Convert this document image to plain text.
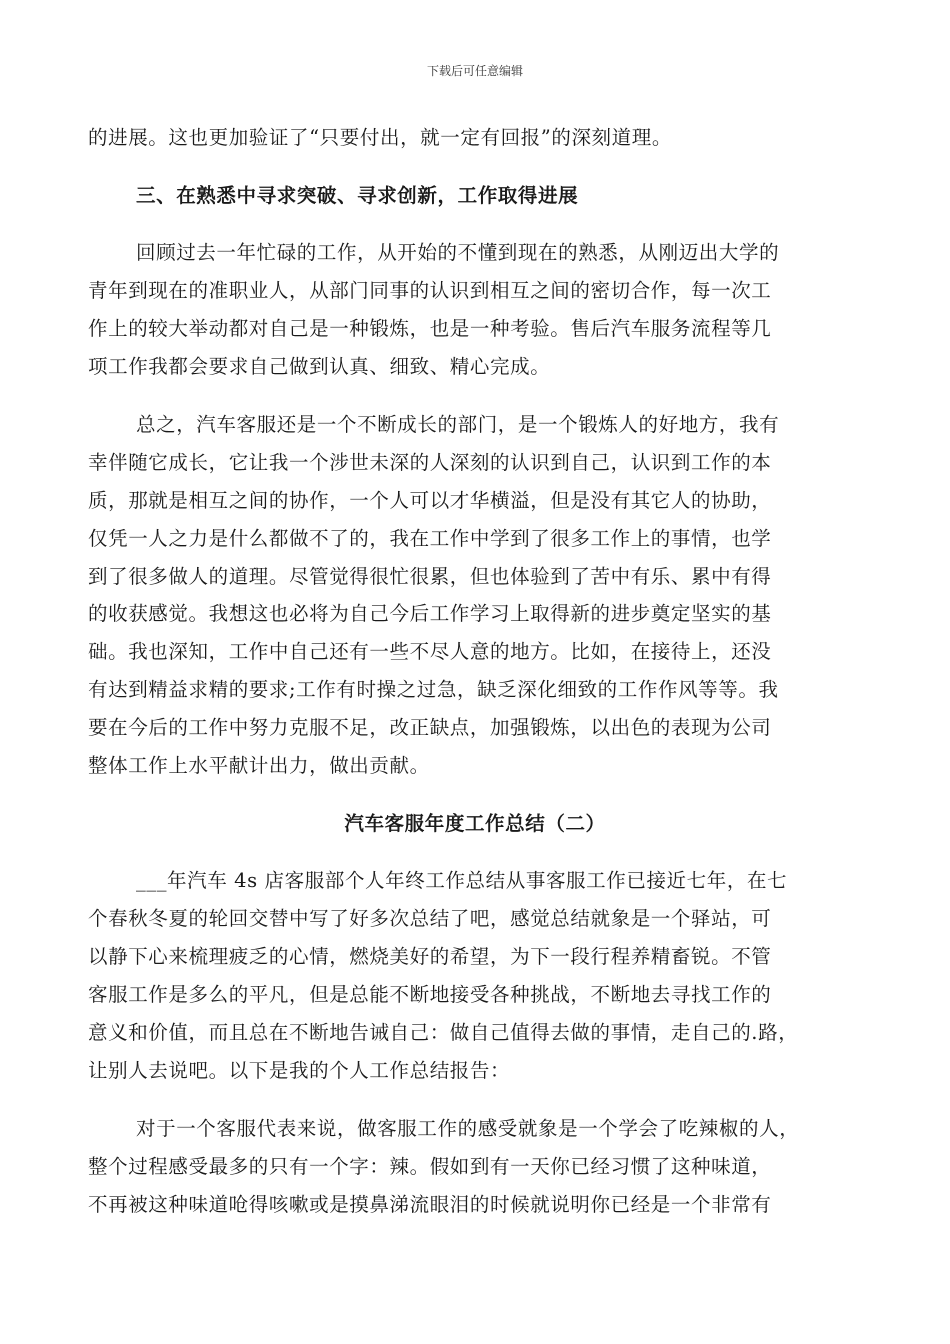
下载后可任意编辑
的进展。这也更加验证了“只要付出，就一定有回报”的深刻道理。
三、在熟悉中寻求突破、寻求创新，工作取得进展
回顾过去一年忙碌的工作，从开始的不懂到现在的熟悉，从刚迈出大学的
青年到现在的准职业人，从部门同事的认识到相互之间的密切合作，每一次工
作上的较大举动都对自己是一种锻炼，也是一种考验。售后汽车服务流程等几
项工作我都会要求自己做到认真、细致、精心完成。
总之，汽车客服还是一个不断成长的部门，是一个锻炼人的好地方，我有
幸伴随它成长，它让我一个涉世未深的人深刻的认识到自己，认识到工作的本
质，那就是相互之间的协作，一个人可以才华横溢，但是没有其它人的协助，
仅凭一人之力是什么都做不了的，我在工作中学到了很多工作上的事情，也学
到了很多做人的道理。尽管觉得很忙很累，但也体验到了苦中有乐、累中有得
的收获感觉。我想这也必将为自己今后工作学习上取得新的进步奠定坚实的基
础。我也深知，工作中自己还有一些不尽人意的地方。比如，在接待上，还没
有达到精益求精的要求;工作有时操之过急，缺乏深化细致的工作作风等等。我
要在今后的工作中努力克服不足，改正缺点，加强锻炼，以出色的表现为公司
整体工作上水平献计出力，做出贡献。
汽车客服年度工作总结（二）
___年汽车 4s 店客服部个人年终工作总结从事客服工作已接近七年，在七
个春秋冬夏的轮回交替中写了好多次总结了吧，感觉总结就象是一个驿站，可
以静下心来梳理疲乏的心情，燃烧美好的希望，为下一段行程养精畜锐。不管
客服工作是多么的平凡，但是总能不断地接受各种挑战，不断地去寻找工作的
意义和价值，而且总在不断地告诫自己：做自己值得去做的事情，走自己的.路，
让别人去说吧。以下是我的个人工作总结报告：
对于一个客服代表来说，做客服工作的感受就象是一个学会了吃辣椒的人，
整个过程感受最多的只有一个字：辣。假如到有一天你已经习惯了这种味道，
不再被这种味道呛得咳嗽或是摸鼻涕流眼泪的时候就说明你已经是一个非常有
